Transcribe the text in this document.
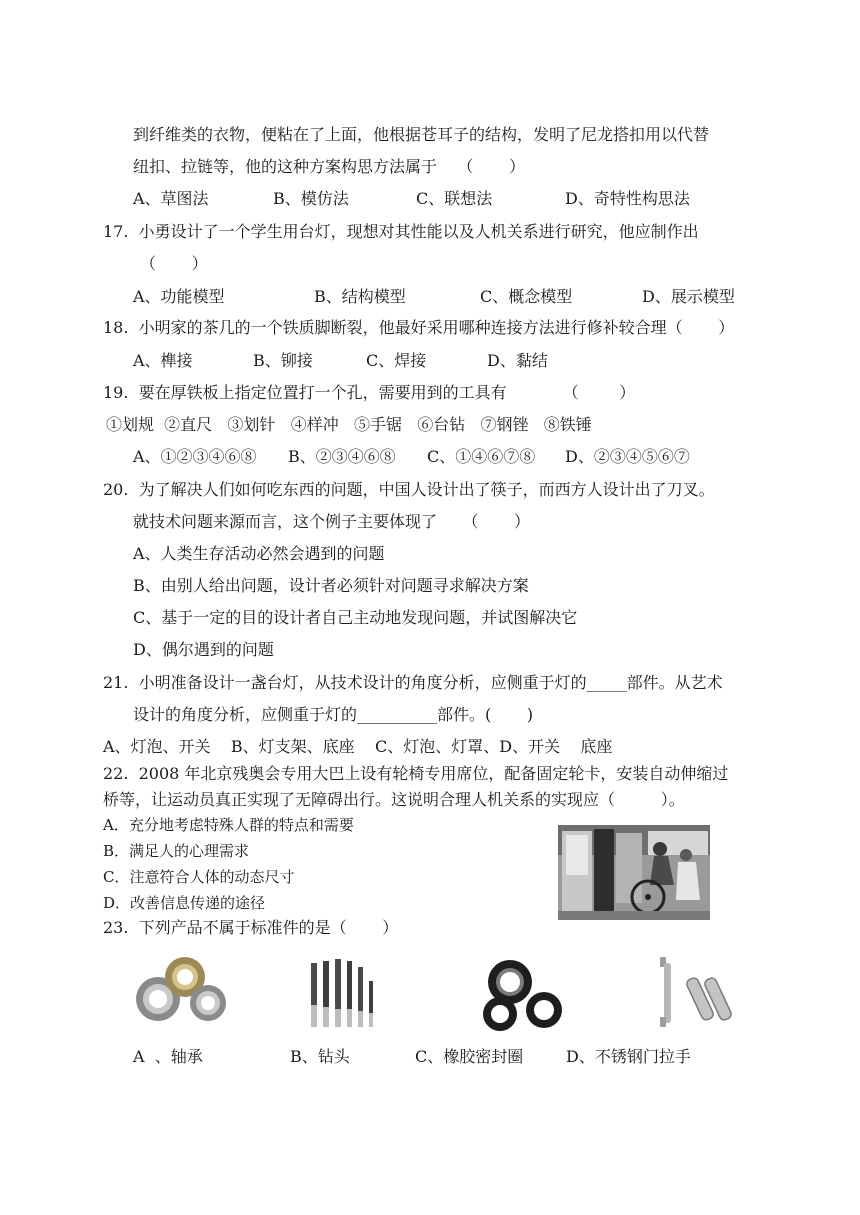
到纤维类的衣物，便粘在了上面，他根据苍耳子的结构，发明了尼龙搭扣用以代替
纽扣、拉链等，他的这种方案构思方法属于    （       ）
A、草图法	B、模仿法	C、联想法	D、奇特性构思法
17.  小勇设计了一个学生用台灯，现想对其性能以及人机关系进行研究，他应制作出
（       ）
A、功能模型	B、结构模型	C、概念模型	D、展示模型
18.  小明家的茶几的一个铁质脚断裂，他最好采用哪种连接方法进行修补较合理（       ）
A、榫接	B、铆接	C、焊接	D、黏结
19.  要在厚铁板上指定位置打一个孔，需要用到的工具有           （        ）
①划规  ②直尺   ③划针   ④样冲   ⑤手锯   ⑥台钻   ⑦钢锉   ⑧铁锤
A、①②③④⑥⑧ B、②③④⑥⑧ C、①④⑥⑦⑧ D、②③④⑤⑥⑦
20.  为了解决人们如何吃东西的问题，中国人设计出了筷子，而西方人设计出了刀叉。
就技术问题来源而言，这个例子主要体现了     （       ）
A、人类生存活动必然会遇到的问题
B、由别人给出问题，设计者必须针对问题寻求解决方案
C、基于一定的目的设计者自己主动地发现问题，并试图解决它
D、偶尔遇到的问题
21.  小明准备设计一盏台灯，从技术设计的角度分析，应侧重于灯的_____部件。从艺术
设计的角度分析，应侧重于灯的__________部件。(       )
A、灯泡、开关    B、灯支架、底座    C、灯泡、灯罩、D、开关    底座
22.  2008 年北京残奥会专用大巴上设有轮椅专用席位，配备固定轮卡，安装自动伸缩过
桥等，让运动员真正实现了无障碍出行。这说明合理人机关系的实现应（         ）。
A．充分地考虑特殊人群的特点和需要
B．满足人的心理需求
C．注意符合人体的动态尺寸
D．改善信息传递的途径
23.  下列产品不属于标准件的是（       ）
A  、轴承	B、钻头	C、橡胶密封圈	D、不锈钢门拉手
